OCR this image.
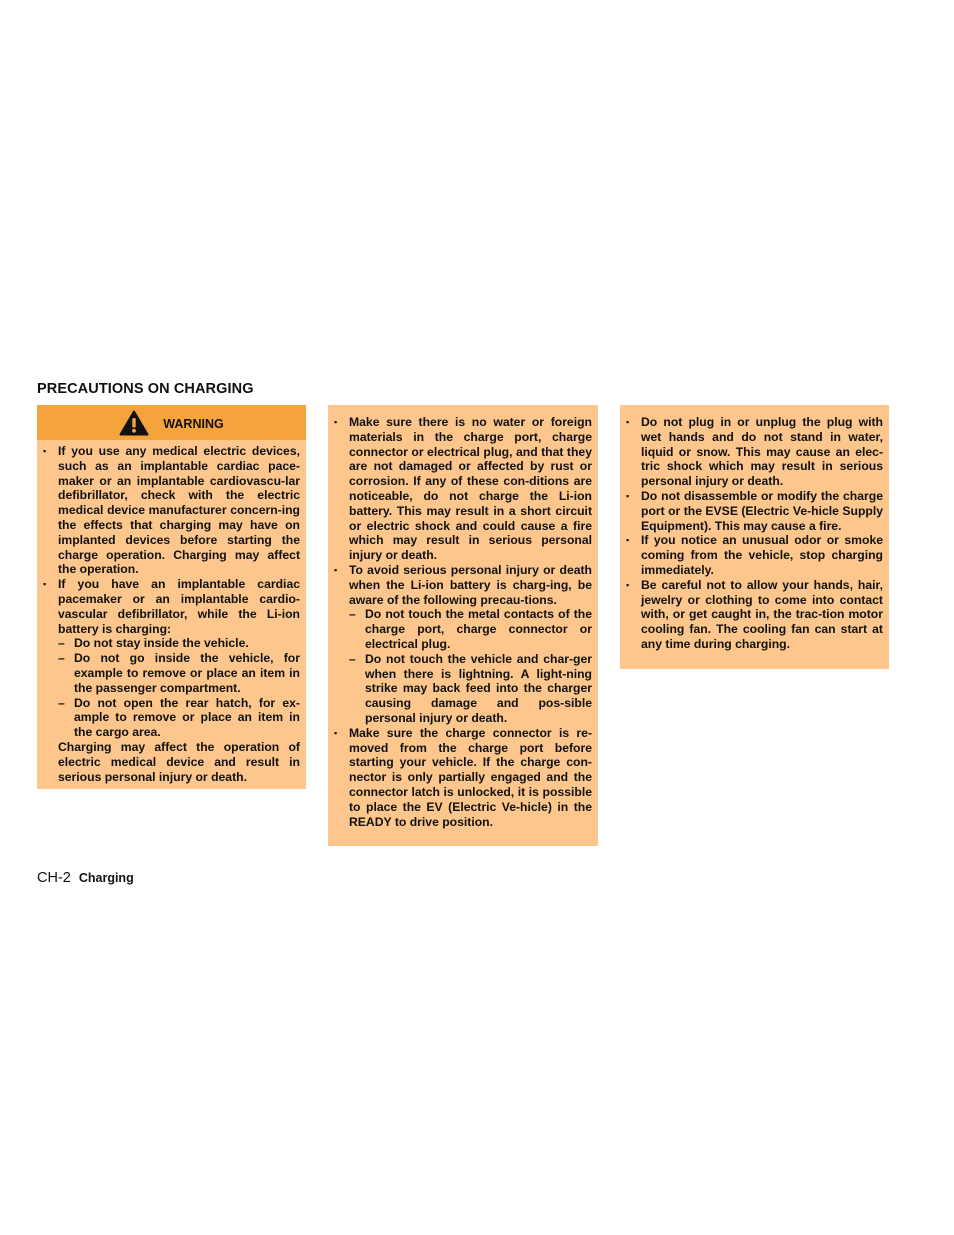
PRECAUTIONS ON CHARGING
WARNING
▪ If you use any medical electric devices, such as an implantable cardiac pace-maker or an implantable cardiovascu-lar defibrillator, check with the electric medical device manufacturer concern-ing the effects that charging may have on implanted devices before starting the charge operation. Charging may affect the operation.
▪ If you have an implantable cardiac pacemaker or an implantable cardio-vascular defibrillator, while the Li-ion battery is charging:
– Do not stay inside the vehicle.
– Do not go inside the vehicle, for example to remove or place an item in the passenger compartment.
– Do not open the rear hatch, for ex-ample to remove or place an item in the cargo area.
Charging may affect the operation of electric medical device and result in serious personal injury or death.
▪ Make sure there is no water or foreign materials in the charge port, charge connector or electrical plug, and that they are not damaged or affected by rust or corrosion. If any of these con-ditions are noticeable, do not charge the Li-ion battery. This may result in a short circuit or electric shock and could cause a fire which may result in serious personal injury or death.
▪ To avoid serious personal injury or death when the Li-ion battery is charg-ing, be aware of the following precau-tions.
– Do not touch the metal contacts of the charge port, charge connector or electrical plug.
– Do not touch the vehicle and char-ger when there is lightning. A light-ning strike may back feed into the charger causing damage and pos-sible personal injury or death.
▪ Make sure the charge connector is re-moved from the charge port before starting your vehicle. If the charge con-nector is only partially engaged and the connector latch is unlocked, it is possible to place the EV (Electric Ve-hicle) in the READY to drive position.
▪ Do not plug in or unplug the plug with wet hands and do not stand in water, liquid or snow. This may cause an elec-tric shock which may result in serious personal injury or death.
▪ Do not disassemble or modify the charge port or the EVSE (Electric Ve-hicle Supply Equipment). This may cause a fire.
▪ If you notice an unusual odor or smoke coming from the vehicle, stop charging immediately.
▪ Be careful not to allow your hands, hair, jewelry or clothing to come into contact with, or get caught in, the trac-tion motor cooling fan. The cooling fan can start at any time during charging.
CH-2 Charging
